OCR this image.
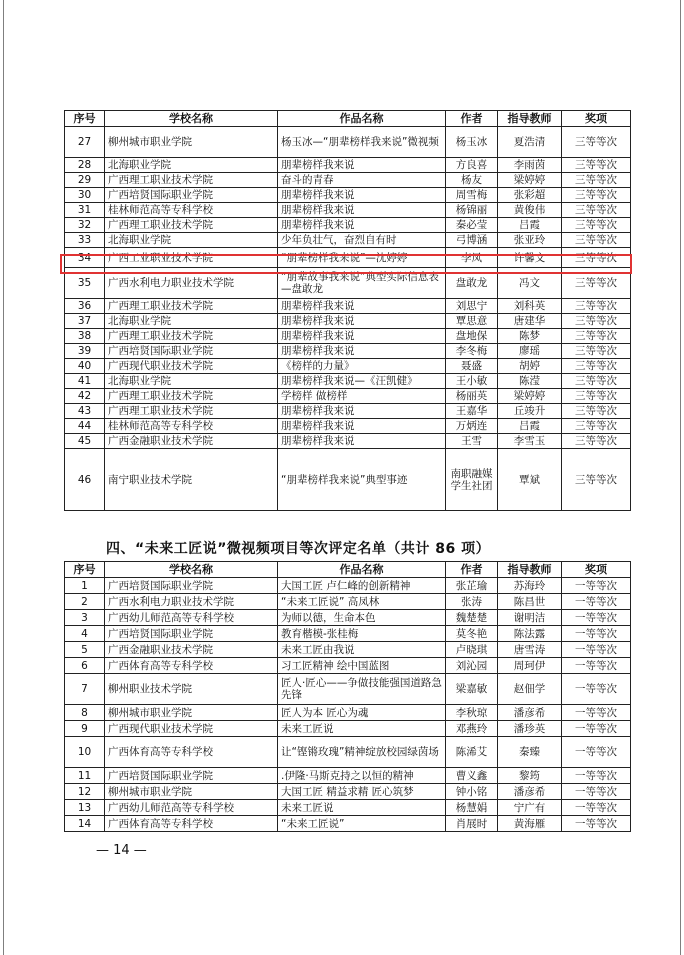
序号	学校名称	作品名称	作者	指导教师	奖项
27	柳州城市职业学院	杨玉冰—“朋辈榜样我来说”微视频	杨玉冰	夏浩清	三等等次
28	北海职业学院	朋辈榜样我来说	方良喜	李雨茵	三等等次
29	广西理工职业技术学院	奋斗的青春	杨友	梁婷婷	三等等次
30	广西培贤国际职业学院	朋辈榜样我来说	周雪梅	张彩超	三等等次
31	桂林师范高等专科学校	朋辈榜样我来说	杨锦丽	黄俊伟	三等等次
32	广西理工职业技术学院	朋辈榜样我来说	秦必莹	吕霞	三等等次
33	北海职业学院	少年负壮气，奋烈自有时	弓博涵	张亚玲	三等等次
34	广西工业职业技术学院	“朋辈榜样我来说”—沈婷婷	李凤	许馨文	三等等次
35	广西水利电力职业技术学院	“朋辈故事我来说”典型实际信息表—盘敢龙	盘敢龙	冯文	三等等次
36	广西理工职业技术学院	朋辈榜样我来说	刘思宁	刘科英	三等等次
37	北海职业学院	朋辈榜样我来说	覃思意	唐建华	三等等次
38	广西理工职业技术学院	朋辈榜样我来说	盘地保	陈梦	三等等次
39	广西培贤国际职业学院	朋辈榜样我来说	李冬梅	廖瑶	三等等次
40	广西现代职业技术学院	《榜样的力量》	聂盛	胡婷	三等等次
41	北海职业学院	朋辈榜样我来说—《汪凯健》	王小敏	陈滢	三等等次
42	广西理工职业技术学院	学榜样 做榜样	杨丽英	梁婷婷	三等等次
43	广西理工职业技术学院	朋辈榜样我来说	王嘉华	丘竣升	三等等次
44	桂林师范高等专科学校	朋辈榜样我来说	万炳连	吕霞	三等等次
45	广西金融职业技术学院	朋辈榜样我来说	王雪	李雪玉	三等等次
46	南宁职业技术学院	“朋辈榜样我来说”典型事迹	南职融媒学生社团	覃斌	三等等次
四、“未来工匠说”微视频项目等次评定名单（共计 86 项）
序号	学校名称	作品名称	作者	指导教师	奖项
1	广西培贤国际职业学院	大国工匠 卢仁峰的创新精神	张芷瑜	苏海玲	一等等次
2	广西水利电力职业技术学院	“未来工匠说” 高凤林	张涛	陈昌世	一等等次
3	广西幼儿师范高等专科学校	为师以德，生命本色	魏楚楚	谢明洁	一等等次
4	广西培贤国际职业学院	教育楷模-张桂梅	莫冬艳	陈法露	一等等次
5	广西金融职业技术学院	未来工匠由我说	卢晓琪	唐雪涛	一等等次
6	广西体育高等专科学校	习工匠精神 绘中国蓝图	刘沁园	周珂伊	一等等次
7	柳州职业技术学院	匠人·匠心——争做技能强国道路急先锋	梁嘉敏	赵佃学	一等等次
8	柳州城市职业学院	匠人为本 匠心为魂	李秋琼	潘彦希	一等等次
9	广西现代职业技术学院	未来工匠说	邓燕玲	潘珍英	一等等次
10	广西体育高等专科学校	让“铿锵玫瑰”精神绽放校园绿茵场	陈浠艾	秦臻	一等等次
11	广西培贤国际职业学院	.伊隆·马斯克持之以恒的精神	曹义鑫	黎筠	一等等次
12	柳州城市职业学院	大国工匠 精益求精 匠心筑梦	钟小铭	潘彦希	一等等次
13	广西幼儿师范高等专科学校	未来工匠说	杨慧娟	宁广有	一等等次
14	广西体育高等专科学校	“未来工匠说”	肖展时	黄海雁	一等等次
— 14 —
